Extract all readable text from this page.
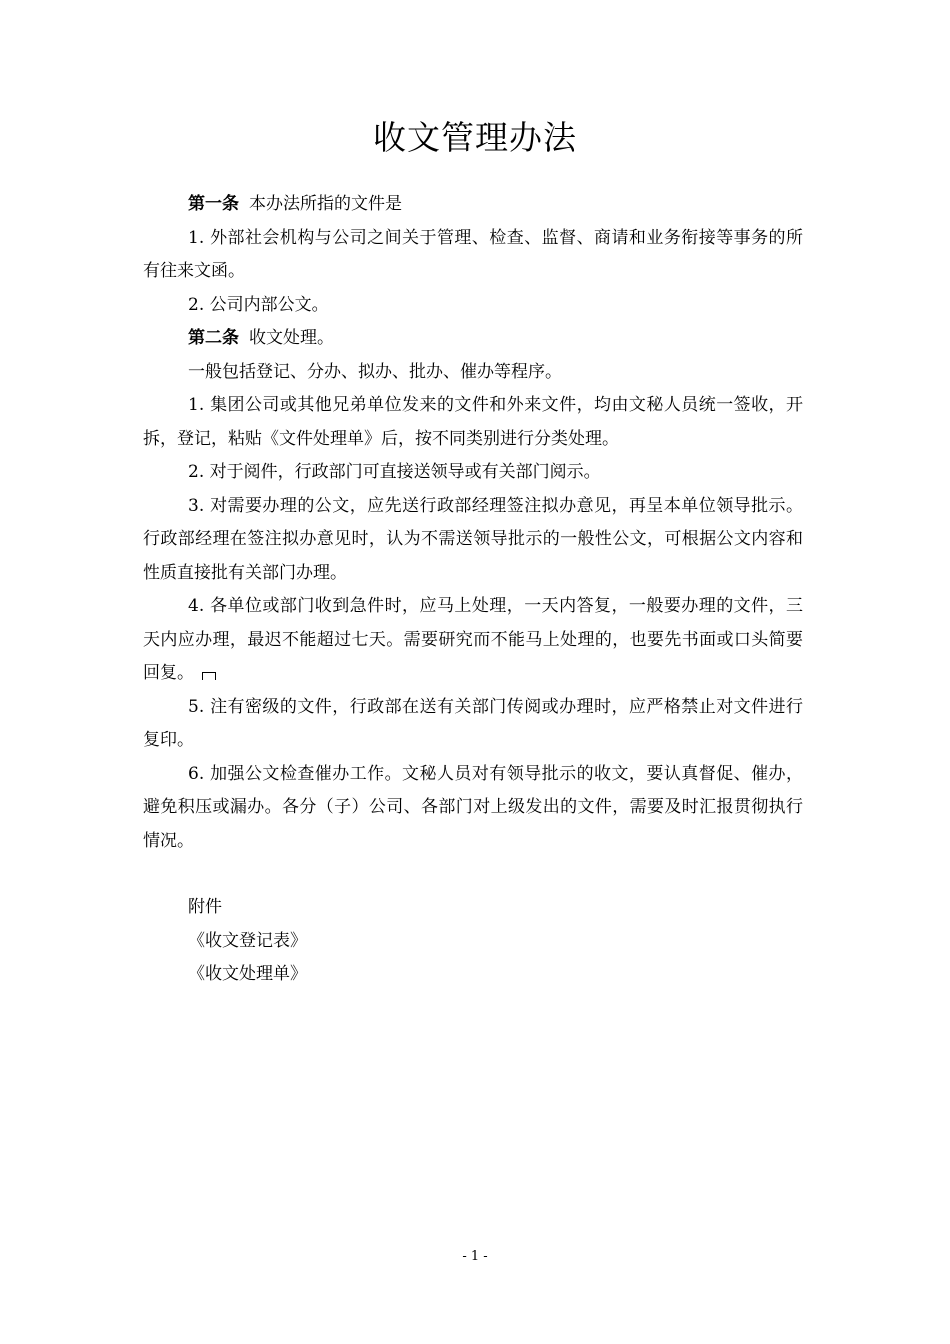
收文管理办法

第一条 本办法所指的文件是

1. 外部社会机构与公司之间关于管理、检查、监督、商请和业务衔接等事务的所有往来文函。

2. 公司内部公文。

第二条 收文处理。

一般包括登记、分办、拟办、批办、催办等程序。

1. 集团公司或其他兄弟单位发来的文件和外来文件，均由文秘人员统一签收，开拆，登记，粘贴《文件处理单》后，按不同类别进行分类处理。

2. 对于阅件，行政部门可直接送领导或有关部门阅示。

3. 对需要办理的公文，应先送行政部经理签注拟办意见，再呈本单位领导批示。行政部经理在签注拟办意见时，认为不需送领导批示的一般性公文，可根据公文内容和性质直接批有关部门办理。

4. 各单位或部门收到急件时，应马上处理，一天内答复，一般要办理的文件，三天内应办理，最迟不能超过七天。需要研究而不能马上处理的，也要先书面或口头简要回复。

5. 注有密级的文件，行政部在送有关部门传阅或办理时，应严格禁止对文件进行复印。

6. 加强公文检查催办工作。文秘人员对有领导批示的收文，要认真督促、催办，避免积压或漏办。各分（子）公司、各部门对上级发出的文件，需要及时汇报贯彻执行情况。

附件
《收文登记表》
《收文处理单》
- 1 -
